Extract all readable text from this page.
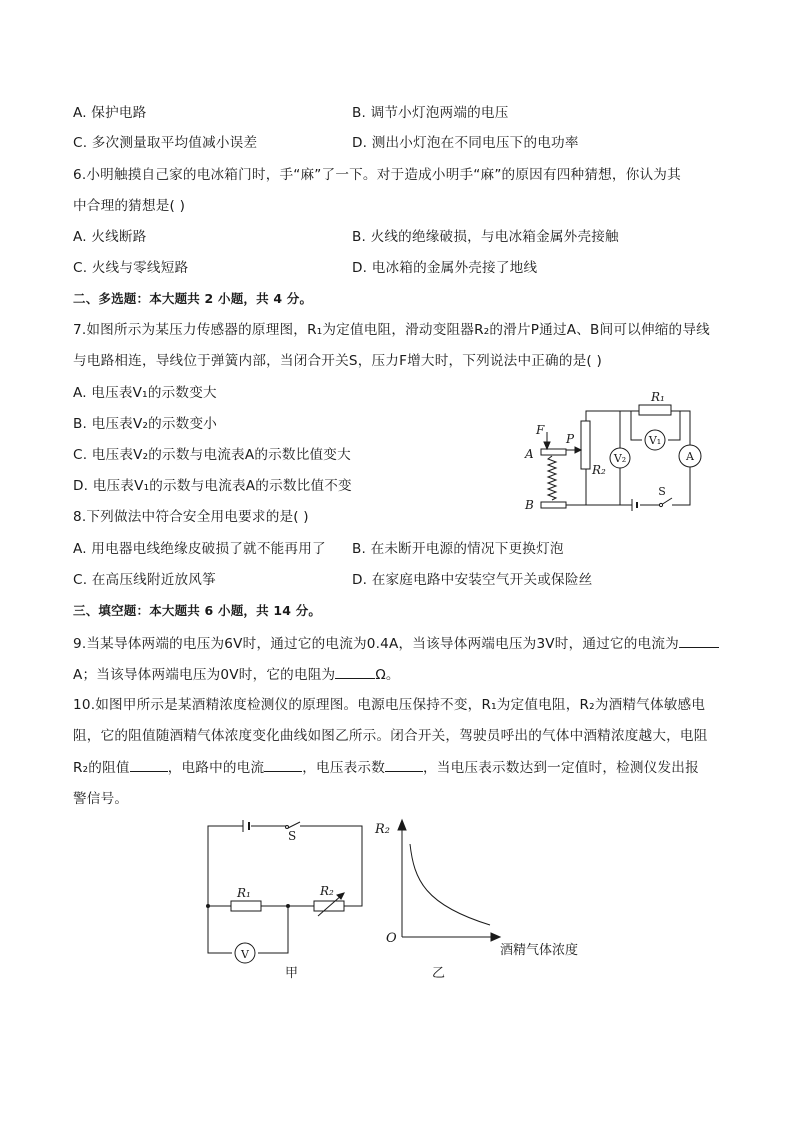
A. 保护电路	B. 调节小灯泡两端的电压
C. 多次测量取平均值减小误差	D. 测出小灯泡在不同电压下的电功率
6.小明触摸自己家的电冰箱门时，手“麻”了一下。对于造成小明手“麻”的原因有四种猜想，你认为其
中合理的猜想是( )
A. 火线断路	B. 火线的绝缘破损，与电冰箱金属外壳接触
C. 火线与零线短路	D. 电冰箱的金属外壳接了地线
二、多选题：本大题共 2 小题，共 4 分。
7.如图所示为某压力传感器的原理图，R₁为定值电阻，滑动变阻器R₂的滑片P通过A、B间可以伸缩的导线
与电路相连，导线位于弹簧内部，当闭合开关S，压力F增大时，下列说法中正确的是( )
A. 电压表V₁的示数变大
B. 电压表V₂的示数变小
C. 电压表V₂的示数与电流表A的示数比值变大
D. 电压表V₁的示数与电流表A的示数比值不变
R₁
R₂
P
F
A
B
V₁
V₂	A
S
8.下列做法中符合安全用电要求的是( )
A. 用电器电线绝缘皮破损了就不能再用了 B. 在未断开电源的情况下更换灯泡
C. 在高压线附近放风筝	D. 在家庭电路中安装空气开关或保险丝
三、填空题：本大题共 6 小题，共 14 分。
9.当某导体两端的电压为6V时，通过它的电流为0.4A，当该导体两端电压为3V时，通过它的电流为
A；当该导体两端电压为0V时，它的电阻为	Ω。
10.如图甲所示是某酒精浓度检测仪的原理图。电源电压保持不变，R₁为定值电阻，R₂为酒精气体敏感电
阻，它的阻值随酒精气体浓度变化曲线如图乙所示。闭合开关，驾驶员呼出的气体中酒精浓度越大，电阻
R₂的阻值	，电路中的电流	，电压表示数	，当电压表示数达到一定值时，检测仪发出报
警信号。
S
R₁	R₂
V
甲
R₂
O
酒精气体浓度
乙
